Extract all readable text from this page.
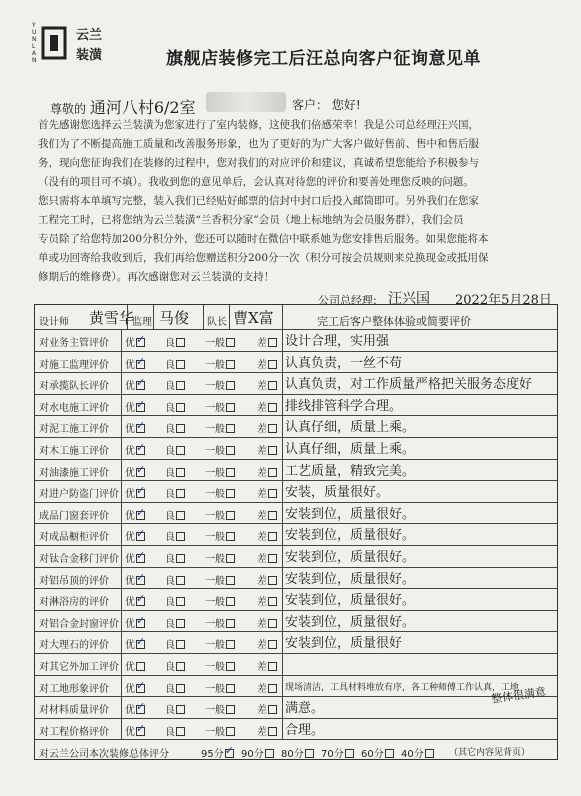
YUN LAN
云兰
装潢	旗舰店装修完工后汪总向客户征询意见单
尊敬的 通河八村6/2室	客户： 您好!
首先感谢您选择云兰装潢为您家进行了室内装修，这使我们倍感荣幸！我是公司总经理汪兴国，
我们为了不断提高施工质量和改善服务形象，也为了更好的为广大客户做好售前、售中和售后服
务，现向您征询我们在装修的过程中，您对我们的对应评价和建议，真诚希望您能给予积极参与
（没有的项目可不填）。我收到您的意见单后，会认真对待您的评价和要善处理您反映的问题。
您只需将本单填写完整，装入我们已经贴好邮票的信封中封口后投入邮筒即可。另外我们在您家
工程完工时，已将您纳为云兰装潢“兰香积分家”会员（地上标地纳为会员服务群），我们会员
专员除了给您特加200分积分外，您还可以随时在微信中联系她为您安排售后服务。如果您能将本
单或功回寄给我收到后，我们再给您赠送积分200分一次（积分可按会员规则来兑换现金或抵用保
修期后的维修费）。再次感谢您对云兰装潢的支持！
公司总经理: 汪兴国 2022年5月28日
设计师 黄雪华
监理 马俊 队长 曹X富	完工后客户整体体验或简要评价
对业务主管评价 优 ✓	良	一般	差	设计合理，实用强
对施工监理评价 优 ✓	良	一般	差	认真负责，一丝不苟
对承揽队长评价 优 ✓	良	一般	差	认真负责，对工作质量严格把关服务态度好
对水电施工评价 优 ✓	良	一般	差	排线排管科学合理。
对泥工施工评价 优 ✓	良	一般	差	认真仔细，质量上乘。
对木工施工评价 优 ✓	良	一般	差	认真仔细，质量上乘。
对油漆施工评价 优 ✓	良	一般	差	工艺质量，精致完美。
对进户防盗门评价 优 ✓	良	一般	差	安装，质量很好。
成品门窗套评价 优 ✓	良	一般	差	安装到位，质量很好。
对成品橱柜评价 优 ✓	良	一般	差	安装到位，质量很好。
对钛合金移门评价 优 ✓	良	一般	差	安装到位，质量很好。
对铝吊顶的评价 优 ✓	良	一般	差	安装到位，质量很好。
对淋浴房的评价 优 ✓	良	一般	差	安装到位，质量很好。
对铝合金封窗评价 优 ✓	良	一般	差	安装到位，质量很好。
对大理石的评价 优 ✓	良	一般	差	安装到位，质量很好
对其它外加工评价 优	良	一般	差
对工地形象评价 优 ✓	良	一般	差	现场清洁，工具材料堆放有序，各工种师傅工作认真，工地
对材料质量评价 优 ✓	良	一般	差	满意。
对工程价格评价 优 ✓	良	一般	差	合理。
整体很满意
对云兰公司本次装修总体评分	95分 ✓	90分	80分	70分	60分	40分	（其它内容见背页）
